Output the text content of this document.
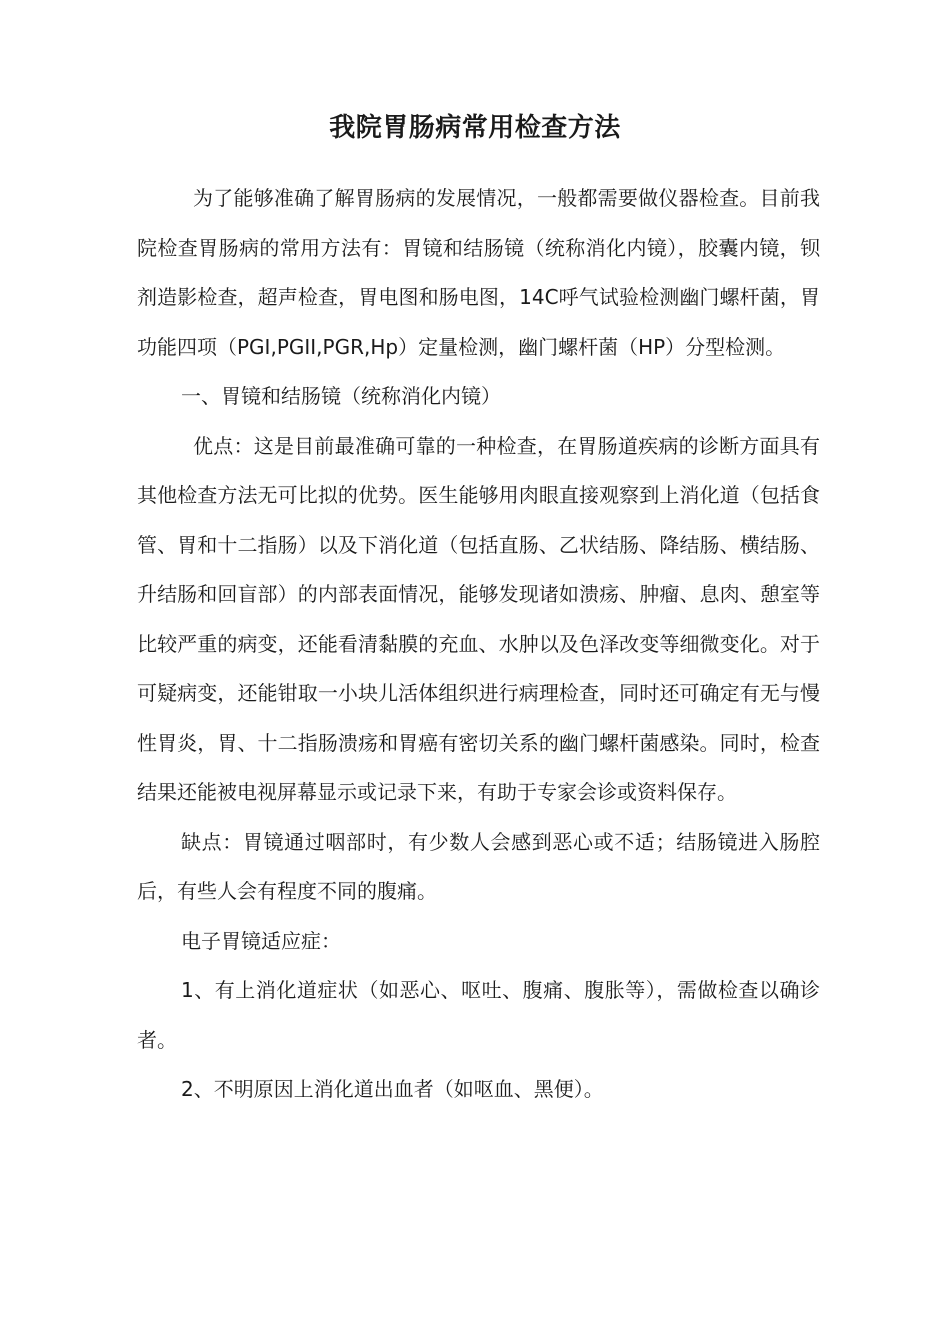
我院胃肠病常用检查方法

为了能够准确了解胃肠病的发展情况，一般都需要做仪器检查。目前我院检查胃肠病的常用方法有：胃镜和结肠镜（统称消化内镜），胶囊内镜，钡剂造影检查，超声检查，胃电图和肠电图，14C呼气试验检测幽门螺杆菌，胃功能四项（PGI,PGII,PGR,Hp）定量检测，幽门螺杆菌（HP）分型检测。

一、胃镜和结肠镜（统称消化内镜）

优点：这是目前最准确可靠的一种检查，在胃肠道疾病的诊断方面具有其他检查方法无可比拟的优势。医生能够用肉眼直接观察到上消化道（包括食管、胃和十二指肠）以及下消化道（包括直肠、乙状结肠、降结肠、横结肠、升结肠和回盲部）的内部表面情况，能够发现诸如溃疡、肿瘤、息肉、憩室等比较严重的病变，还能看清黏膜的充血、水肿以及色泽改变等细微变化。对于可疑病变，还能钳取一小块儿活体组织进行病理检查，同时还可确定有无与慢性胃炎，胃、十二指肠溃疡和胃癌有密切关系的幽门螺杆菌感染。同时，检查结果还能被电视屏幕显示或记录下来，有助于专家会诊或资料保存。

缺点：胃镜通过咽部时，有少数人会感到恶心或不适；结肠镜进入肠腔后，有些人会有程度不同的腹痛。

电子胃镜适应症：

1、有上消化道症状（如恶心、呕吐、腹痛、腹胀等），需做检查以确诊者。

2、不明原因上消化道出血者（如呕血、黑便）。
